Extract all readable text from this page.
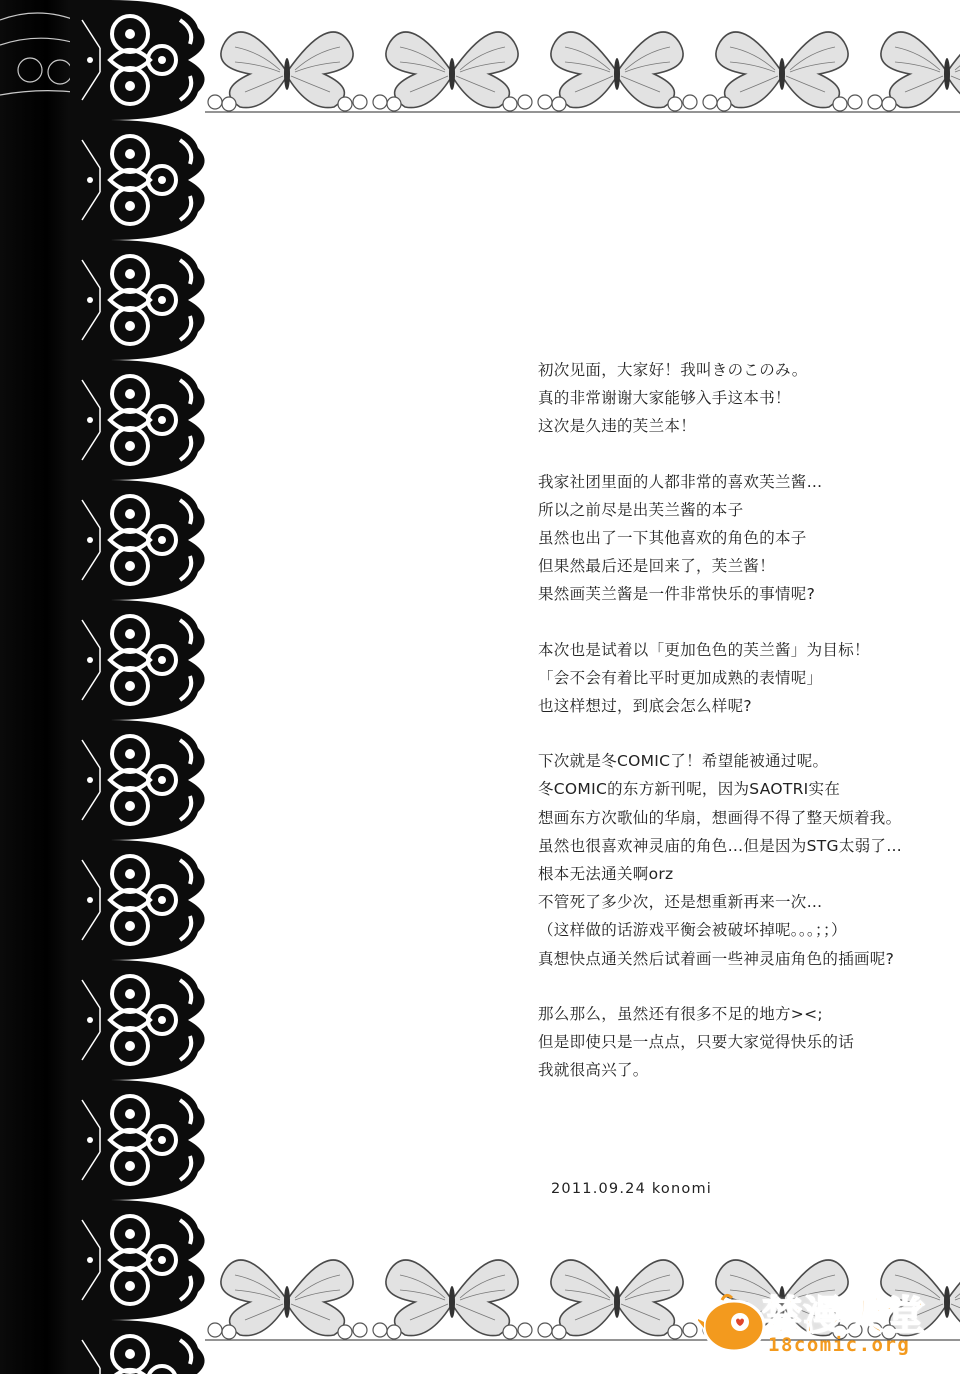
初次见面，大家好！我叫きのこのみ。
真的非常谢谢大家能够入手这本书！
这次是久违的芙兰本！
我家社团里面的人都非常的喜欢芙兰酱…
所以之前尽是出芙兰酱的本子
虽然也出了一下其他喜欢的角色的本子
但果然最后还是回来了，芙兰酱！
果然画芙兰酱是一件非常快乐的事情呢?
本次也是试着以「更加色色的芙兰酱」为目标！
「会不会有着比平时更加成熟的表情呢」
也这样想过，到底会怎么样呢?
下次就是冬COMIC了！希望能被通过呢。
冬COMIC的东方新刊呢，因为SAOTRI实在
想画东方次歌仙的华扇，想画得不得了整天烦着我。
虽然也很喜欢神灵庙的角色…但是因为STG太弱了…
根本无法通关啊orz
不管死了多少次，还是想重新再来一次…
（这样做的话游戏平衡会被破坏掉呢。。。；；）
真想快点通关然后试着画一些神灵庙角色的插画呢?
那么那么，虽然还有很多不足的地方><;
但是即使只是一点点，只要大家觉得快乐的话
我就很高兴了。
2011.09.24 konomi
禁漫天堂
18comic.org
